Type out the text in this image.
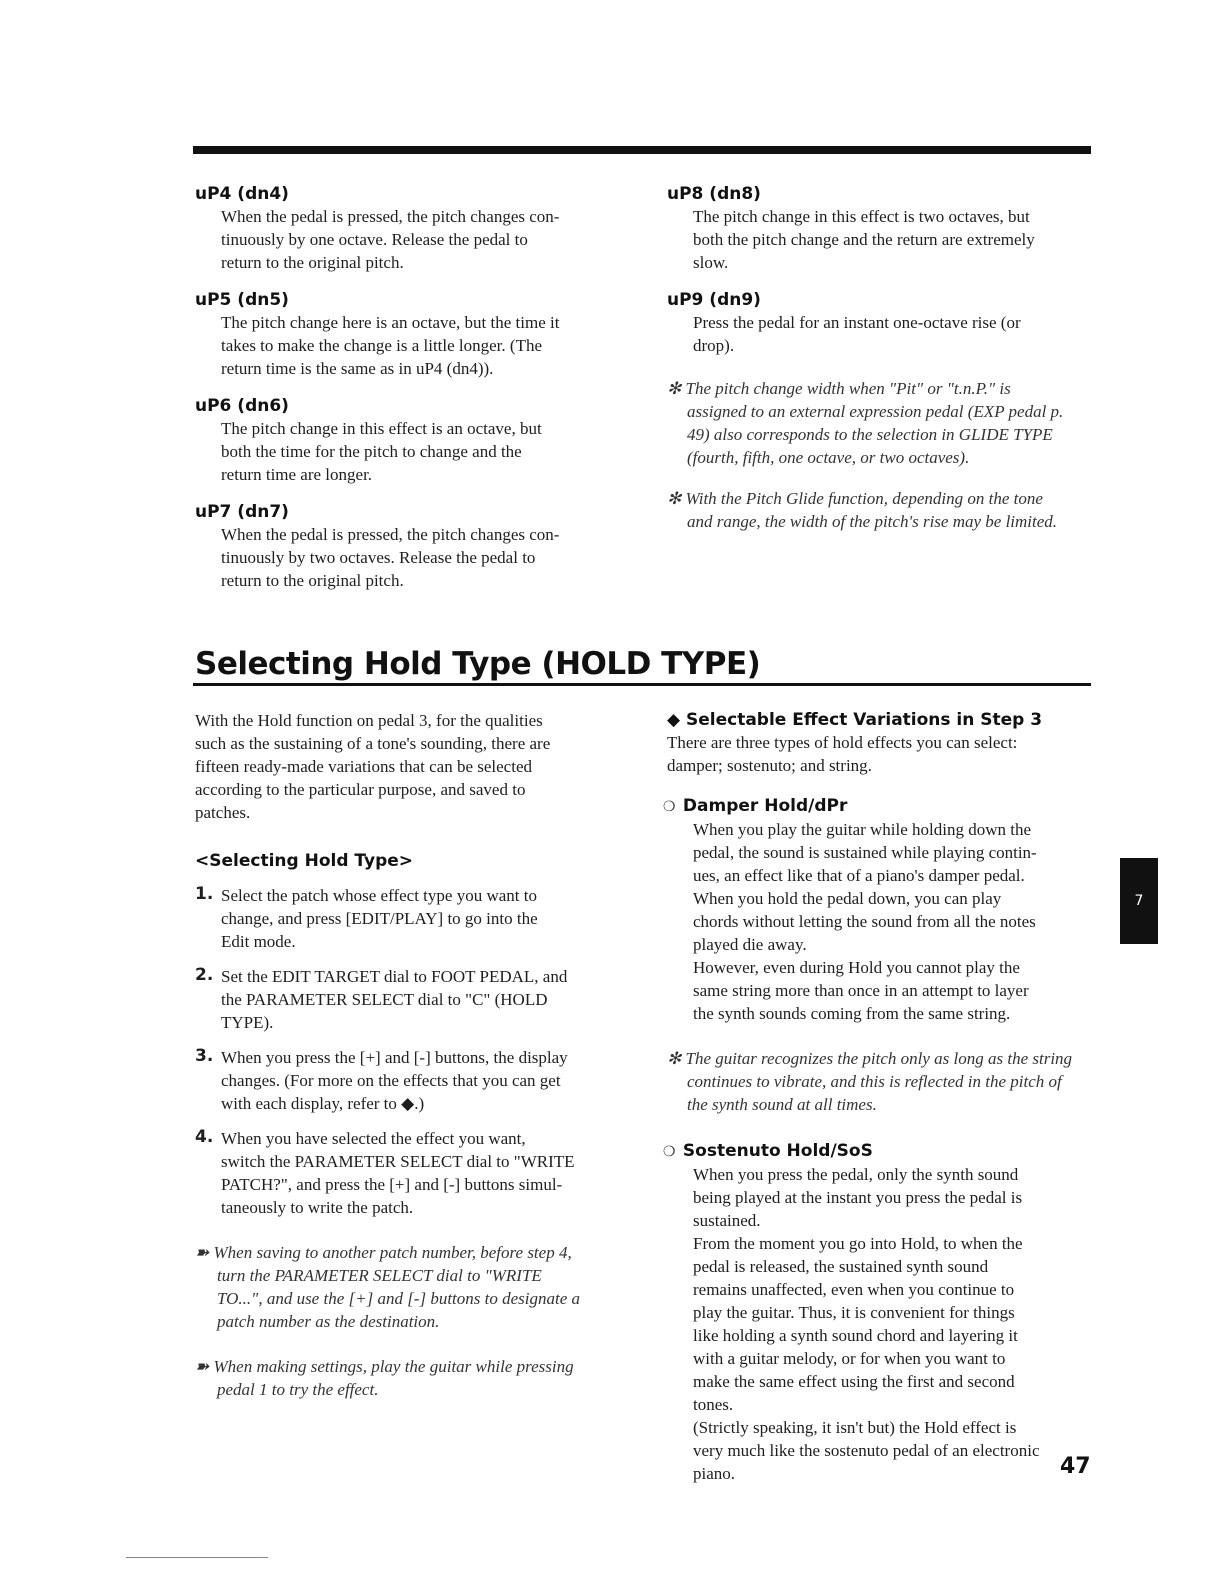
uP4 (dn4)

When the pedal is pressed, the pitch changes con-
tinuously by one octave. Release the pedal to
return to the original pitch.

uP5 (dn5)

The pitch change here is an octave, but the time it
takes to make the change is a little longer. (The
return time is the same as in uP4 (dn4)).

uP6 (dn6)

The pitch change in this effect is an octave, but
both the time for the pitch to change and the
return time are longer.

uP7 (dn7)

When the pedal is pressed, the pitch changes con-
tinuously by two octaves. Release the pedal to
return to the original pitch.

uP8 (dn8)

The pitch change in this effect is two octaves, but
both the pitch change and the return are extremely
slow.

uP9 (dn9)

Press the pedal for an instant one-octave rise (or
drop).
✻ The pitch change width when "Pit" or "t.n.P." is
assigned to an external expression pedal (EXP pedal p.
49) also corresponds to the selection in GLIDE TYPE
(fourth, fifth, one octave, or two octaves).
✻ With the Pitch Glide function, depending on the tone
and range, the width of the pitch's rise may be limited.
Selecting Hold Type (HOLD TYPE)
With the Hold function on pedal 3, for the qualities
such as the sustaining of a tone's sounding, there are
fifteen ready-made variations that can be selected
according to the particular purpose, and saved to
patches.

<Selecting Hold Type>

1. Select the patch whose effect type you want to
change, and press [EDIT/PLAY] to go into the
Edit mode.
2. Set the EDIT TARGET dial to FOOT PEDAL, and
the PARAMETER SELECT dial to "C" (HOLD
TYPE).
3. When you press the [+] and [-] buttons, the display
changes. (For more on the effects that you can get
with each display, refer to ◆.)
4. When you have selected the effect you want,
switch the PARAMETER SELECT dial to "WRITE
PATCH?", and press the [+] and [-] buttons simul-
taneously to write the patch.
➽ When saving to another patch number, before step 4,
turn the PARAMETER SELECT dial to "WRITE
TO...", and use the [+] and [-] buttons to designate a
patch number as the destination.
➽ When making settings, play the guitar while pressing
pedal 1 to try the effect.

◆ Selectable Effect Variations in Step 3

There are three types of hold effects you can select:
damper; sostenuto; and string.

❍ Damper Hold/dPr

When you play the guitar while holding down the
pedal, the sound is sustained while playing contin-
ues, an effect like that of a piano's damper pedal.
When you hold the pedal down, you can play
chords without letting the sound from all the notes
played die away.
However, even during Hold you cannot play the
same string more than once in an attempt to layer
the synth sounds coming from the same string.
✻ The guitar recognizes the pitch only as long as the string
continues to vibrate, and this is reflected in the pitch of
the synth sound at all times.

❍ Sostenuto Hold/SoS

When you press the pedal, only the synth sound
being played at the instant you press the pedal is
sustained.
From the moment you go into Hold, to when the
pedal is released, the sustained synth sound
remains unaffected, even when you continue to
play the guitar. Thus, it is convenient for things
like holding a synth sound chord and layering it
with a guitar melody, or for when you want to
make the same effect using the first and second
tones.
(Strictly speaking, it isn't but) the Hold effect is
very much like the sostenuto pedal of an electronic
piano.
7
47
